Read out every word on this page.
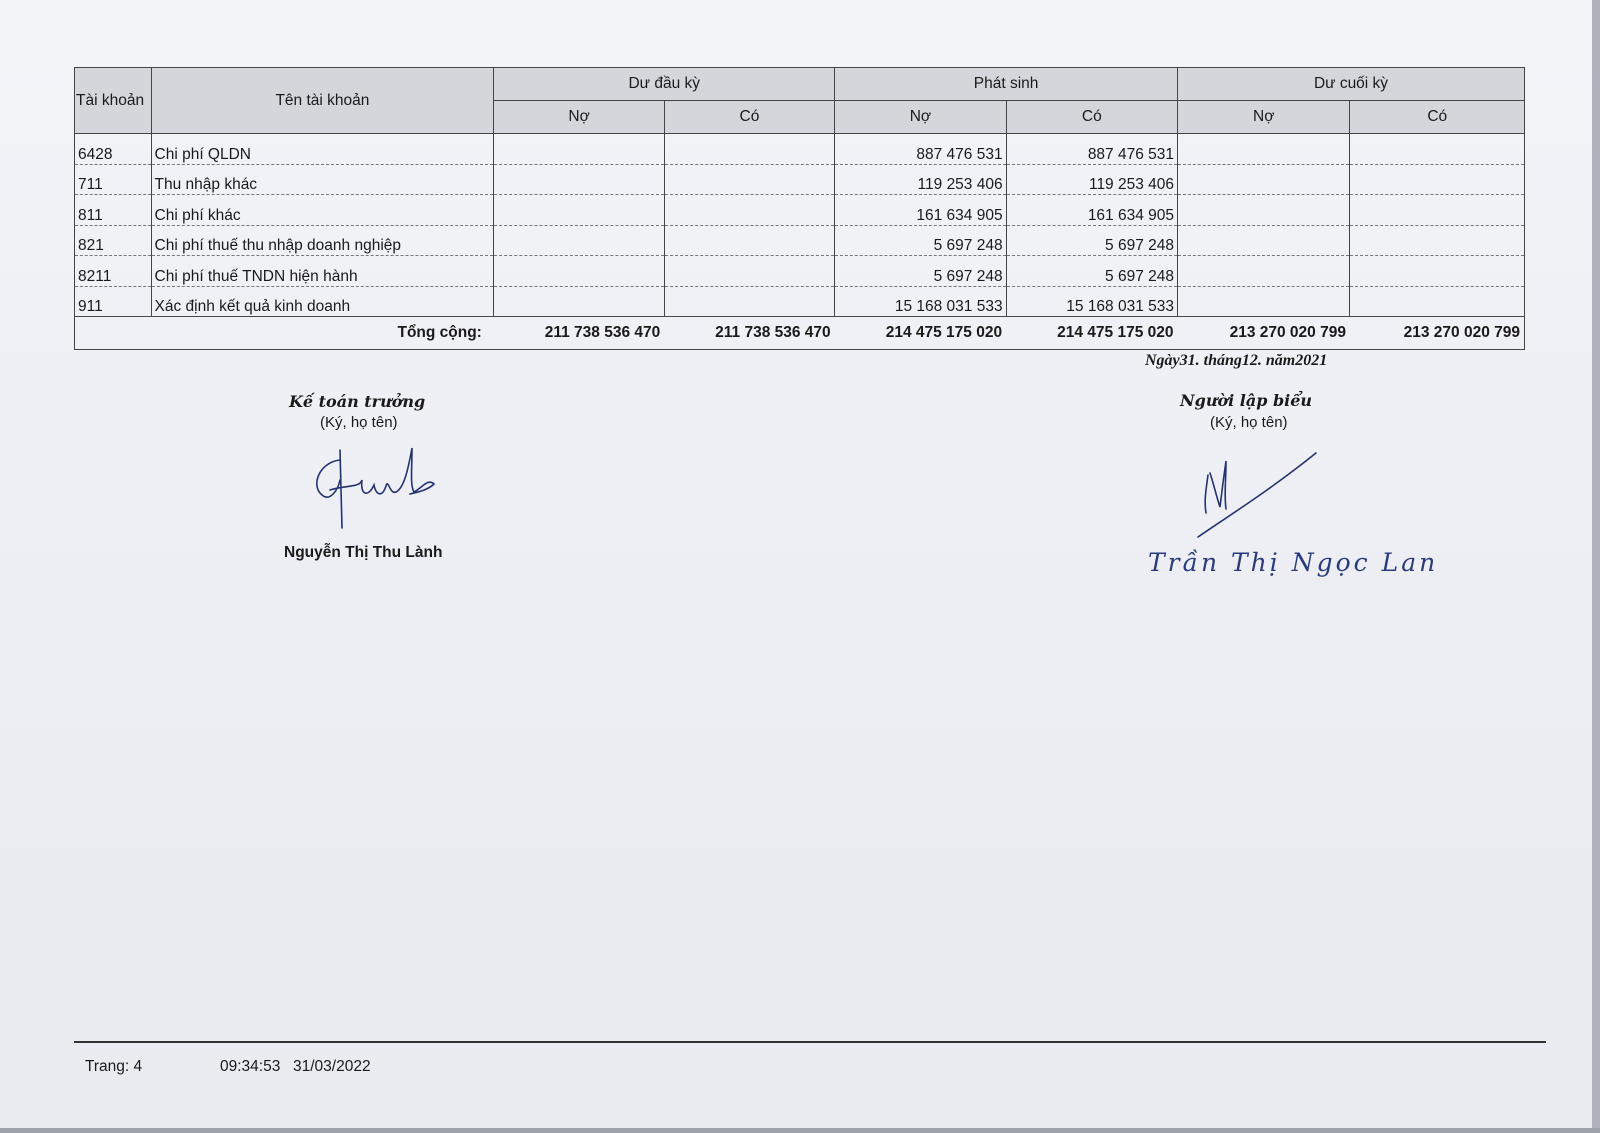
Tài khoản	Tên tài khoản	Dư đầu kỳ		Phát sinh		Dư cuối kỳ	
		Nợ	Có	Nợ	Có	Nợ	Có
6428	Chi phí QLDN			887 476 531	887 476 531		
711	Thu nhập khác			119 253 406	119 253 406		
811	Chi phí khác			161 634 905	161 634 905		
821	Chi phí thuế thu nhập doanh nghiệp			5 697 248	5 697 248		
8211	Chi phí thuế TNDN hiện hành			5 697 248	5 697 248		
911	Xác định kết quả kinh doanh			15 168 031 533	15 168 031 533		
Tổng cộng:		211 738 536 470	211 738 536 470	214 475 175 020	214 475 175 020	213 270 020 799	213 270 020 799
Ngày31. tháng12. năm2021
Kế toán trưởng
(Ký, họ tên)
Nguyễn Thị Thu Lành
Người lập biểu
(Ký, họ tên)
Trần Thị Ngọc Lan
Trang: 4	09:34:53 31/03/2022
